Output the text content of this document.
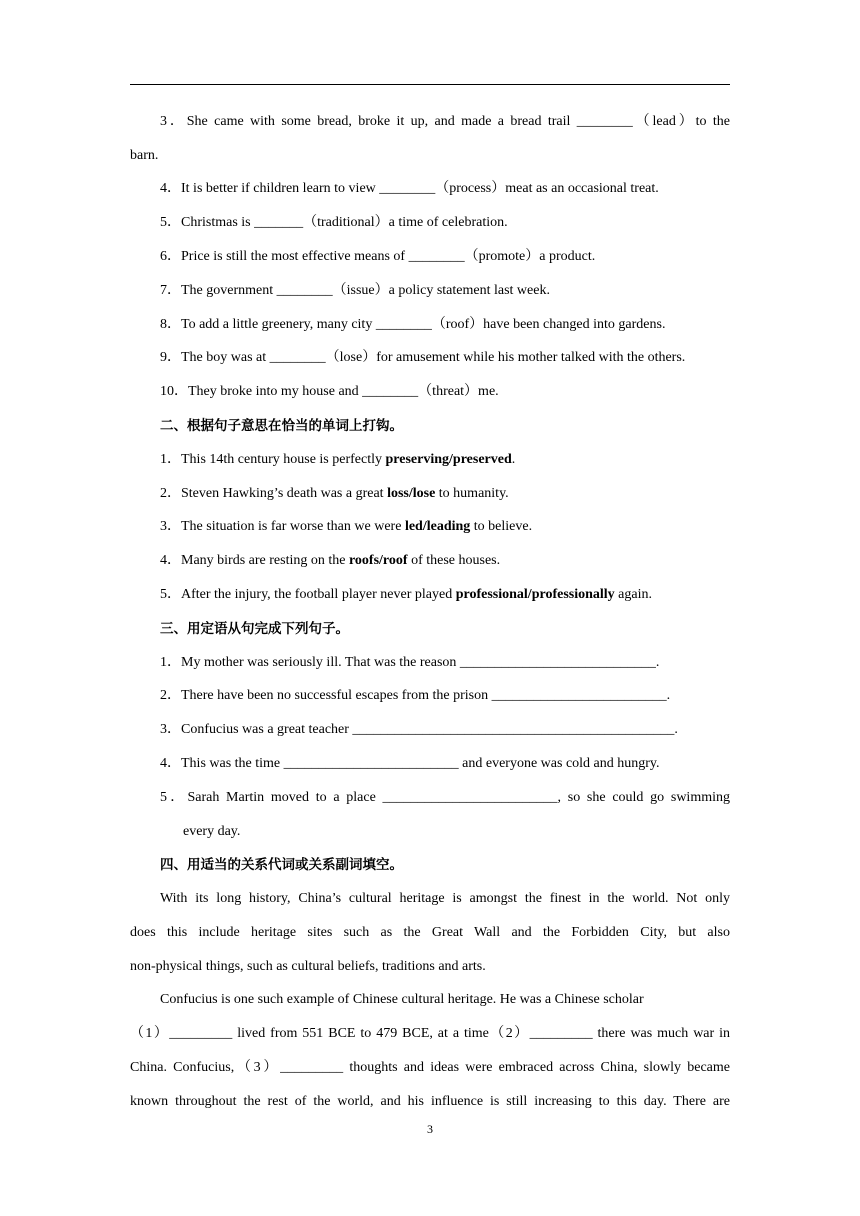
3．She came with some bread, broke it up, and made a bread trail ________（lead）to the
barn.
4．It is better if children learn to view ________（process）meat as an occasional treat.
5．Christmas is _______（traditional）a time of celebration.
6．Price is still the most effective means of ________（promote）a product.
7．The government ________（issue）a policy statement last week.
8．To add a little greenery, many city ________（roof）have been changed into gardens.
9．The boy was at ________（lose）for amusement while his mother talked with the others.
10．They broke into my house and ________（threat）me.
二、根据句子意思在恰当的单词上打钩。
1．This 14th century house is perfectly preserving/preserved.
2．Steven Hawking’s death was a great loss/lose to humanity.
3．The situation is far worse than we were led/leading to believe.
4．Many birds are resting on the roofs/roof of these houses.
5．After the injury, the football player never played professional/professionally again.
三、用定语从句完成下列句子。
1．My mother was seriously ill. That was the reason ____________________________.
2．There have been no successful escapes from the prison _________________________.
3．Confucius was a great teacher ______________________________________________.
4．This was the time _________________________ and everyone was cold and hungry.
5．Sarah Martin moved to a place _________________________, so she could go swimming
every day.
四、用适当的关系代词或关系副词填空。
With its long history, China’s cultural heritage is amongst the finest in the world. Not only
does this include heritage sites such as the Great Wall and the Forbidden City, but also
non-physical things, such as cultural beliefs, traditions and arts.
Confucius is one such example of Chinese cultural heritage. He was a Chinese scholar
（1）_________ lived from 551 BCE to 479 BCE, at a time（2）_________ there was much war in
China. Confucius,（3）_________ thoughts and ideas were embraced across China, slowly became
known throughout the rest of the world, and his influence is still increasing to this day. There are
3
